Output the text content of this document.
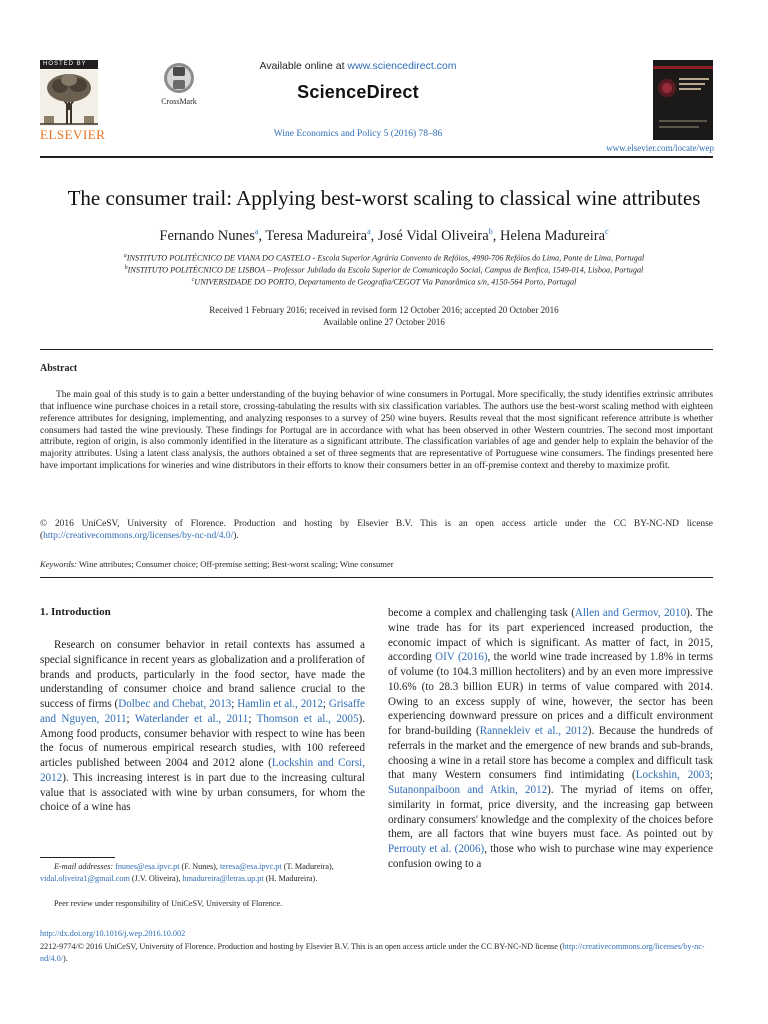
HOSTED BY
ELSEVIER
CrossMark
Available online at www.sciencedirect.com
ScienceDirect
Wine Economics and Policy 5 (2016) 78–86
www.elsevier.com/locate/wep
The consumer trail: Applying best-worst scaling to classical wine attributes
Fernando Nunes$^a$, Teresa Madureira$^a$, José Vidal Oliveira$^b$, Helena Madureira$^c$
$^a$INSTITUTO POLITÉCNICO DE VIANA DO CASTELO - Escola Superior Agrária Convento de Refóios, 4990-706 Refóios do Lima, Ponte de Lima, Portugal
$^b$INSTITUTO POLITÉCNICO DE LISBOA – Professor Jubilado da Escola Superior de Comunicação Social, Campus de Benfica, 1549-014, Lisboa, Portugal
$^c$UNIVERSIDADE DO PORTO, Departamento de Geografia/CEGOT Via Panorâmica s/n, 4150-564 Porto, Portugal
Received 1 February 2016; received in revised form 12 October 2016; accepted 20 October 2016
Available online 27 October 2016
Abstract
The main goal of this study is to gain a better understanding of the buying behavior of wine consumers in Portugal. More specifically, the study identifies extrinsic attributes that influence wine purchase choices in a retail store, crossing-tabulating the results with six classification variables. The authors use the best-worst scaling method with eighteen reference attributes for designing, implementing, and analyzing responses to a survey of 250 wine buyers. Results reveal that the most significant reference attribute is whether consumers had tasted the wine previously. These findings for Portugal are in accordance with what has been observed in other Western countries. The second most important attribute, region of origin, is also commonly identified in the literature as a significant attribute. The classification variables of age and gender help to explain the behavior of the majority attributes. Using a latent class analysis, the authors obtained a set of three segments that are representative of Portuguese wine consumers. The findings presented here have important implications for wineries and wine distributors in their efforts to know their consumers better in an off-premise context and thereby to maximize profit.
© 2016 UniCeSV, University of Florence. Production and hosting by Elsevier B.V. This is an open access article under the CC BY-NC-ND license (http://creativecommons.org/licenses/by-nc-nd/4.0/).
Keywords: Wine attributes; Consumer choice; Off-premise setting; Best-worst scaling; Wine consumer
1. Introduction
Research on consumer behavior in retail contexts has assumed a special significance in recent years as globalization and a proliferation of brands and products, particularly in the food sector, have made the understanding of consumer choice and brand salience crucial to the success of firms (Dolbec and Chebat, 2013; Hamlin et al., 2012; Grisaffe and Nguyen, 2011; Waterlander et al., 2011; Thomson et al., 2005). Among food products, consumer behavior with respect to wine has been the focus of numerous empirical research studies, with 100 refereed articles published between 2004 and 2012 alone (Lockshin and Corsi, 2012). This increasing interest is in part due to the increasing cultural value that is associated with wine by urban consumers, for whom the choice of a wine has
become a complex and challenging task (Allen and Germov, 2010). The wine trade has for its part experienced increased production, the economic impact of which is significant. As matter of fact, in 2015, according OIV (2016), the world wine trade increased by 1.8% in terms of volume (to 104.3 million hectoliters) and by an even more impressive 10.6% (to 28.3 billion EUR) in terms of value compared with 2014. Owing to an excess supply of wine, however, the sector has been experiencing downward pressure on prices and a difficult environment for brand-building (Rannekleiv et al., 2012). Because the hundreds of referrals in the market and the emergence of new brands and sub-brands, choosing a wine in a retail store has become a complex and difficult task that many Western consumers find intimidating (Lockshin, 2003; Sutanonpaiboon and Atkin, 2012). The myriad of items on offer, similarity in format, price diversity, and the increasing gap between ordinary consumers' knowledge and the complexity of the choices before them, are all factors that wine buyers must face. As pointed out by Perrouty et al. (2006), those who wish to purchase wine may experience confusion owing to a
E-mail addresses: fnunes@esa.ipvc.pt (F. Nunes), teresa@esa.ipvc.pt (T. Madureira), vidal.oliveira1@gmail.com (J.V. Oliveira), hmadureira@letras.up.pt (H. Madureira).
Peer review under responsibility of UniCeSV, University of Florence.
http://dx.doi.org/10.1016/j.wep.2016.10.002
2212-9774/© 2016 UniCeSV, University of Florence. Production and hosting by Elsevier B.V. This is an open access article under the CC BY-NC-ND license (http://creativecommons.org/licenses/by-nc-nd/4.0/).
